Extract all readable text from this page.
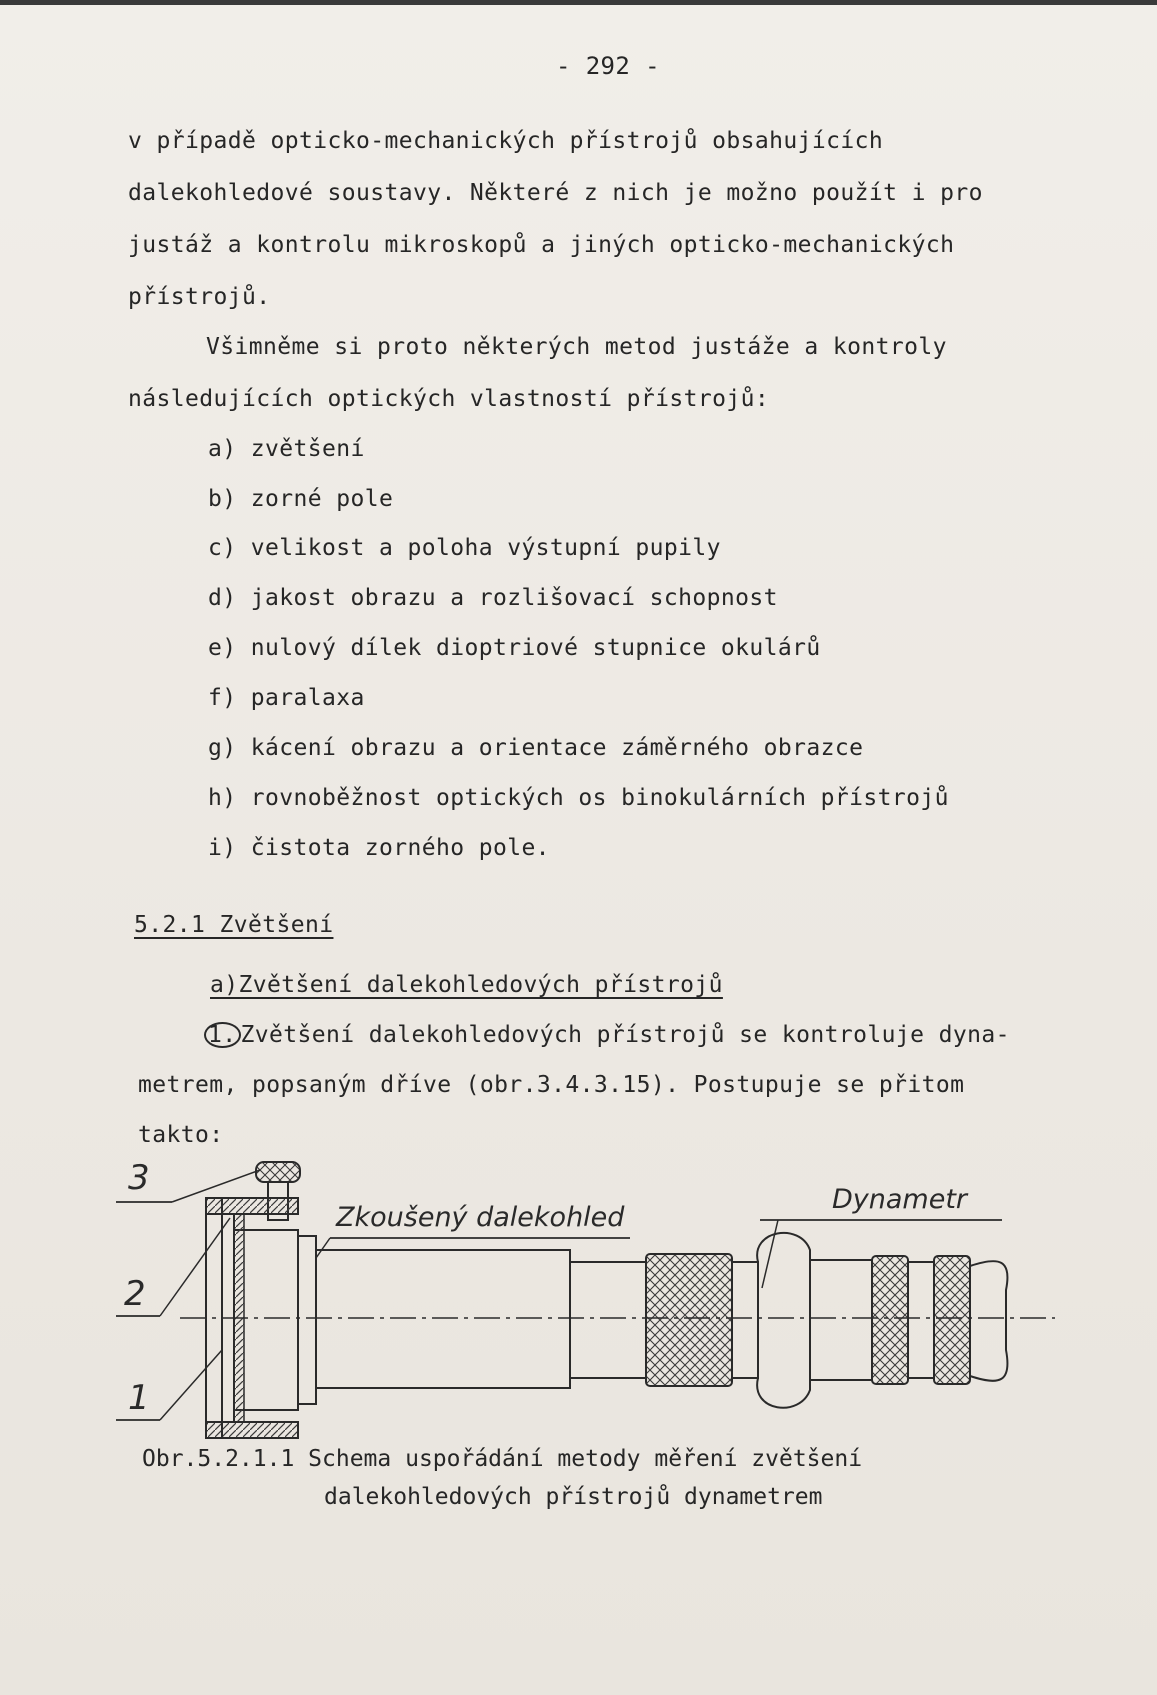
- 292 -
v případě opticko-mechanických přístrojů obsahujících
dalekohledové soustavy. Některé z nich je možno použít i pro
justáž a kontrolu mikroskopů a jiných opticko-mechanických
přístrojů.
Všimněme si proto některých metod justáže a kontroly
následujících optických vlastností přístrojů:
a) zvětšení
b) zorné pole
c) velikost a poloha výstupní pupily
d) jakost obrazu a rozlišovací schopnost
e) nulový dílek dioptriové stupnice okulárů
f) paralaxa
g) kácení obrazu a orientace záměrného obrazce
h) rovnoběžnost optických os binokulárních přístrojů
i) čistota zorného pole.
5.2.1 Zvětšení
a)Zvětšení dalekohledových přístrojů
1. Zvětšení dalekohledových přístrojů se kontroluje dyna-
metrem, popsaným dříve (obr.3.4.3.15). Postupuje se přitom
takto:
3
2
1
Zkoušený dalekohled
Dynametr
Obr.5.2.1.1 Schema uspořádání metody měření zvětšení
dalekohledových přístrojů dynametrem
